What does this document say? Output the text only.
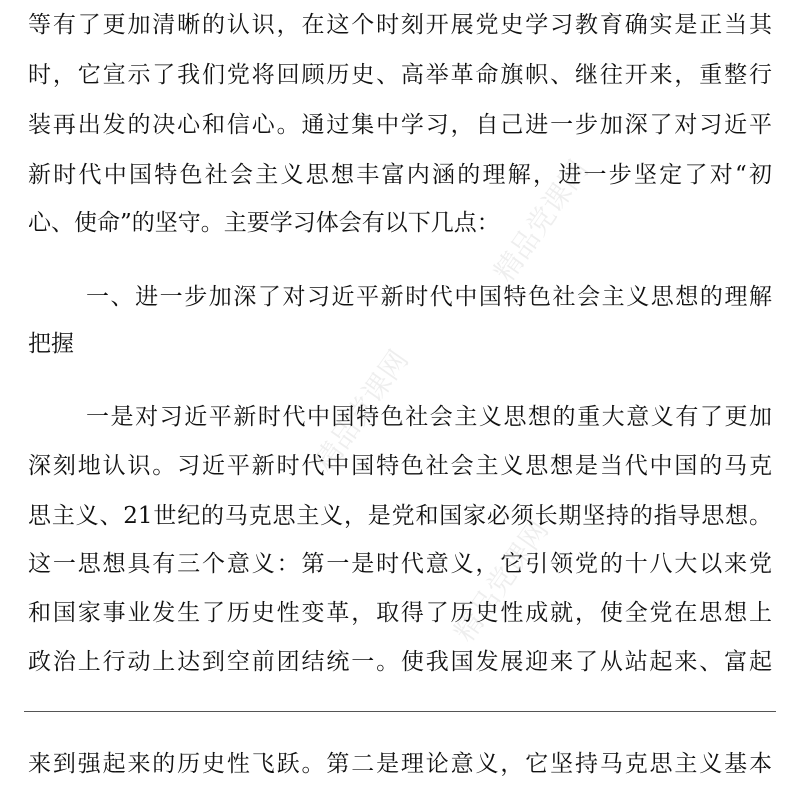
精品党课网
精品党课网
精品党课网
等有了更加清晰的认识，在这个时刻开展党史学习教育确实是正当其
时，它宣示了我们党将回顾历史、高举革命旗帜、继往开来，重整行
装再出发的决心和信心。通过集中学习，自己进一步加深了对习近平
新时代中国特色社会主义思想丰富内涵的理解，进一步坚定了对“初
心、使命”的坚守。主要学习体会有以下几点：
一、进一步加深了对习近平新时代中国特色社会主义思想的理解
把握
一是对习近平新时代中国特色社会主义思想的重大意义有了更加
深刻地认识。习近平新时代中国特色社会主义思想是当代中国的马克
思主义、21世纪的马克思主义，是党和国家必须长期坚持的指导思想。
这一思想具有三个意义：第一是时代意义，它引领党的十八大以来党
和国家事业发生了历史性变革，取得了历史性成就，使全党在思想上
政治上行动上达到空前团结统一。使我国发展迎来了从站起来、富起
来到强起来的历史性飞跃。第二是理论意义，它坚持马克思主义基本
